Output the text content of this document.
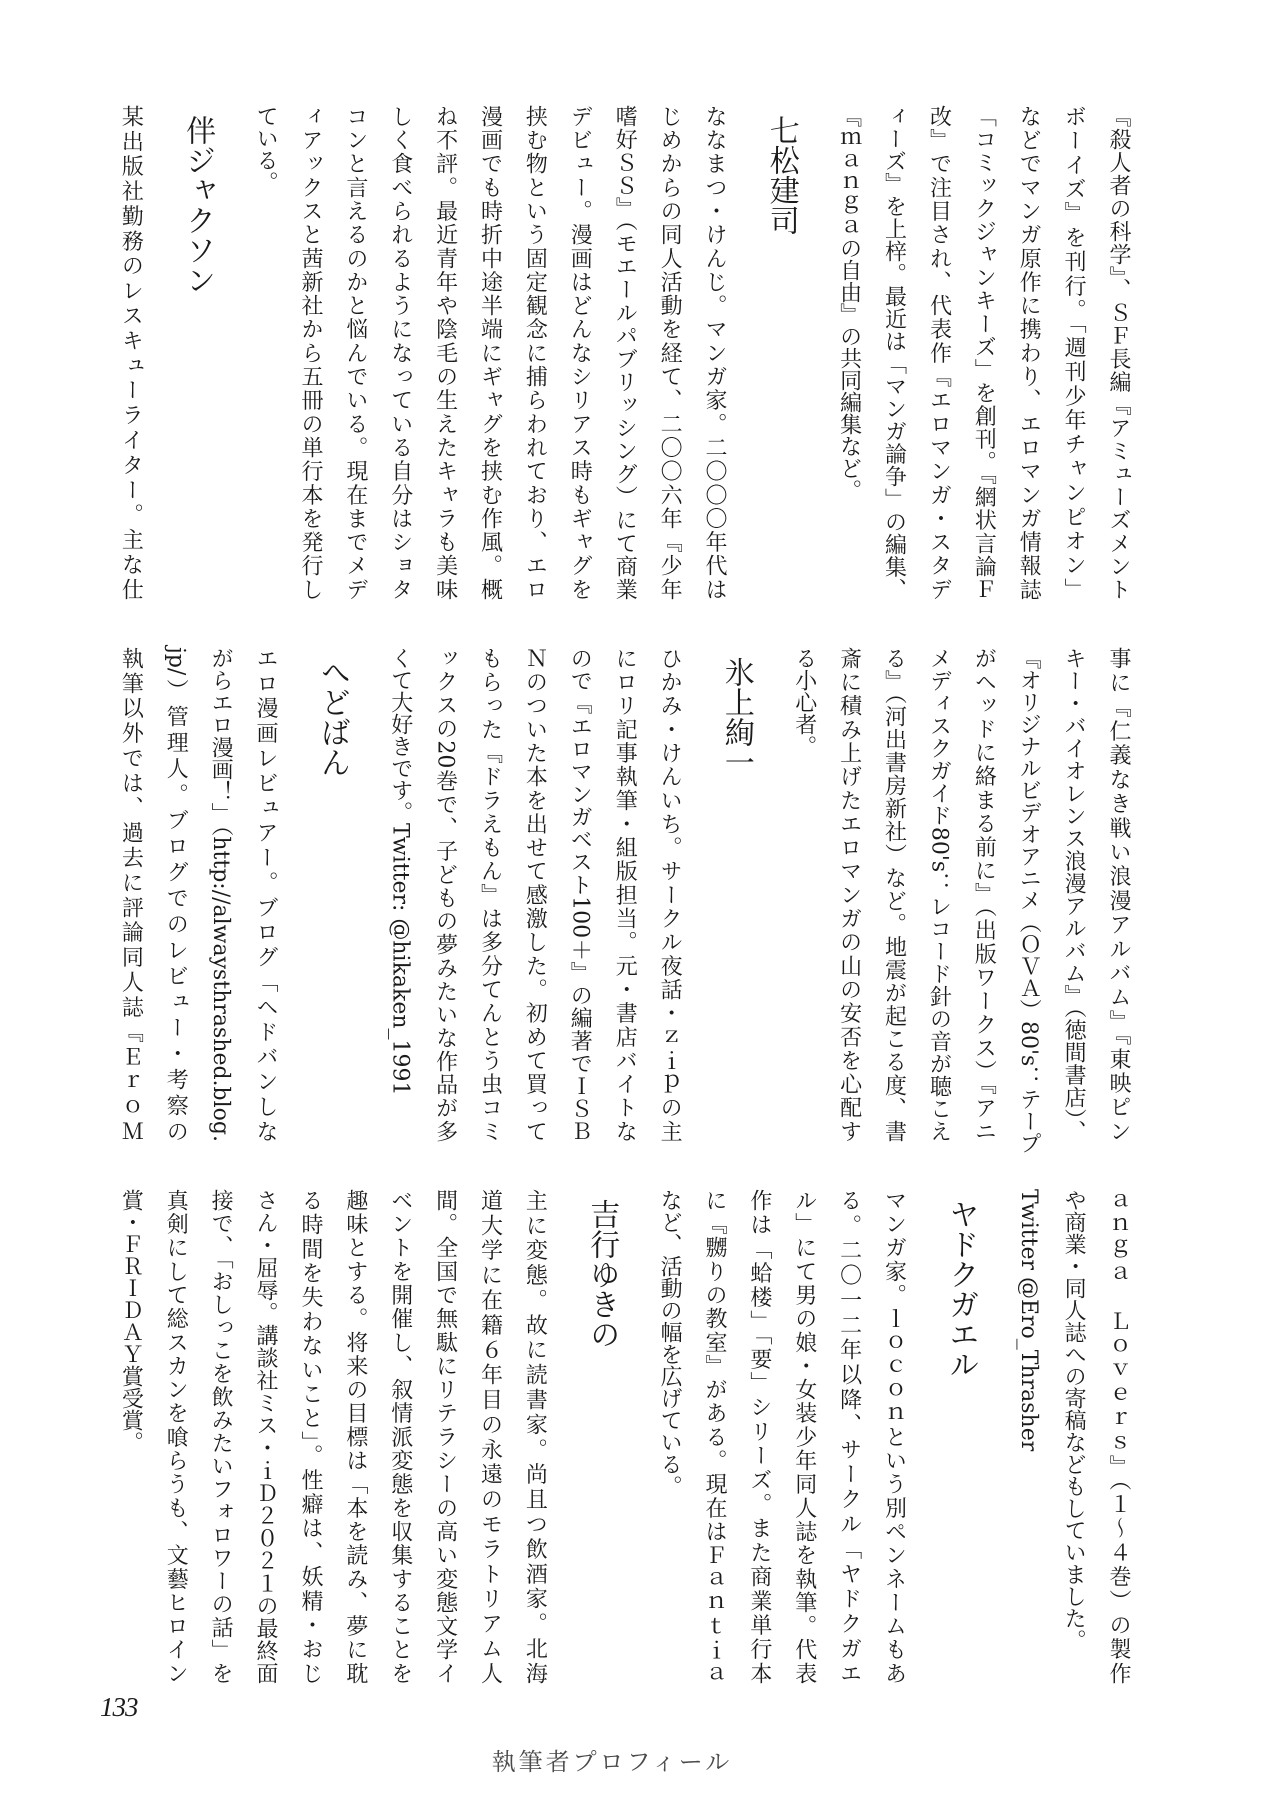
『殺人者の科学』、ＳＦ長編『アミューズメント
ボーイズ』を刊行。「週刊少年チャンピオン」
などでマンガ原作に携わり、エロマンガ情報誌
「コミックジャンキーズ」を創刊。『網状言論Ｆ
改』で注目され、代表作『エロマンガ・スタデ
ィーズ』を上梓。最近は「マンガ論争」の編集、
『ｍａｎｇａの自由』の共同編集など。
七松建司
ななまつ・けんじ。マンガ家。二〇〇〇年代は
じめからの同人活動を経て、二〇〇六年『少年
嗜好ＳＳ』（モエールパブリッシング）にて商業
デビュー。漫画はどんなシリアス時もギャグを
挟む物という固定観念に捕らわれており、エロ
漫画でも時折中途半端にギャグを挟む作風。概
ね不評。最近青年や陰毛の生えたキャラも美味
しく食べられるようになっている自分はショタ
コンと言えるのかと悩んでいる。現在までメデ
ィアックスと茜新社から五冊の単行本を発行し
ている。
伴ジャクソン
某出版社勤務のレスキューライター。主な仕
事に『仁義なき戦い浪漫アルバム』『東映ピン
キー・バイオレンス浪漫アルバム』（徳間書店）、
『オリジナルビデオアニメ（ＯＶＡ）80's：テープ
がヘッドに絡まる前に』（出版ワークス）『アニ
メディスクガイド80's：レコード針の音が聴こえ
る』（河出書房新社）など。地震が起こる度、書
斎に積み上げたエロマンガの山の安否を心配す
る小心者。
氷上絢一
ひかみ・けんいち。サークル夜話・ｚｉｐの主
にロリ記事執筆・組版担当。元・書店バイトな
ので『エロマンガベスト100＋』の編著でＩＳＢ
Ｎのついた本を出せて感激した。初めて買って
もらった『ドラえもん』は多分てんとう虫コミ
ックスの20巻で、子どもの夢みたいな作品が多
くて大好きです。Twitter: @hikaken_1991
へどばん
エロ漫画レビュアー。ブログ「ヘドバンしな
がらエロ漫画！」（http://alwaysthrashed.blog.
jp/）管理人。ブログでのレビュー・考察の
執筆以外では、過去に評論同人誌『ＥｒｏＭ
ａｎｇａ　Ｌｏｖｅｒｓ』（１〜４巻）の製作
や商業・同人誌への寄稿などもしていました。
Twitter @Ero_Thrasher
ヤドクガエル
マンガ家。ｌｏｃｏｎという別ペンネームもあ
る。二〇一二年以降、サークル「ヤドクガエ
ル」にて男の娘・女装少年同人誌を執筆。代表
作は「蛤楼」「要」シリーズ。また商業単行本
に『嬲りの教室』がある。現在はＦａｎｔｉａ
など、活動の幅を広げている。
吉行ゆきの
主に変態。故に読書家。尚且つ飲酒家。北海
道大学に在籍６年目の永遠のモラトリアム人
間。全国で無駄にリテラシーの高い変態文学イ
ベントを開催し、叙情派変態を収集することを
趣味とする。将来の目標は「本を読み、夢に耽
る時間を失わないこと」。性癖は、妖精・おじ
さん・屈辱。講談社ミス・ｉＤ２０２１の最終面
接で、「おしっこを飲みたいフォロワーの話」を
真剣にして総スカンを喰らうも、文藝ヒロイン
賞・ＦＲＩＤＡＹ賞受賞。
133
執筆者プロフィール
